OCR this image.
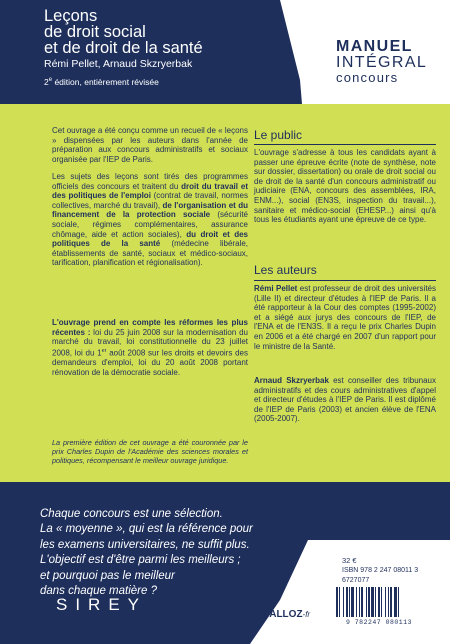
Leçons
de droit social
et de droit de la santé
Rémi Pellet, Arnaud Skzryerbak
2e édition, entièrement révisée
MANUEL
INTÉGRAL
concours

Cet ouvrage a été conçu comme un recueil de « leçons » dispensées par les auteurs dans l'année de préparation aux concours administratifs et sociaux organisée par l'IEP de Paris.

Les sujets des leçons sont tirés des programmes officiels des concours et traitent du droit du travail et des politiques de l'emploi (contrat de travail, normes collectives, marché du travail), de l'organisation et du financement de la protection sociale (sécurité sociale, régimes complémentaires, assurance chômage, aide et action sociales), du droit et des politiques de la santé (médecine libérale, établissements de santé, sociaux et médico-sociaux, tarification, planification et régionalisation).

L'ouvrage prend en compte les réformes les plus récentes : loi du 25 juin 2008 sur la modernisation du marché du travail, loi constitutionnelle du 23 juillet 2008, loi du 1er août 2008 sur les droits et devoirs des demandeurs d'emploi, loi du 20 août 2008 portant rénovation de la démocratie sociale.

La première édition de cet ouvrage a été couronnée par le prix Charles Dupin de l'Académie des sciences morales et politiques, récompensant le meilleur ouvrage juridique.

Le public

L'ouvrage s'adresse à tous les candidats ayant à passer une épreuve écrite (note de synthèse, note sur dossier, dissertation) ou orale de droit social ou de droit de la santé d'un concours administratif ou judiciaire (ENA, concours des assemblées, IRA, ENM...), social (EN3S, inspection du travail...), sanitaire et médico-social (EHESP...) ainsi qu'à tous les étudiants ayant une épreuve de ce type.

Les auteurs

Rémi Pellet est professeur de droit des universités (Lille II) et directeur d'études à l'IEP de Paris. Il a été rapporteur à la Cour des comptes (1995-2002) et a siégé aux jurys des concours de l'IEP, de l'ENA et de l'EN3S. Il a reçu le prix Charles Dupin en 2006 et a été chargé en 2007 d'un rapport pour le ministre de la Santé.

Arnaud Skzryerbak est conseiller des tribunaux administratifs et des cours administratives d'appel et directeur d'études à l'IEP de Paris. Il est diplômé de l'IEP de Paris (2003) et ancien élève de l'ENA (2005-2007).

Chaque concours est une sélection.
La « moyenne », qui est la référence pour
les examens universitaires, ne suffit plus.
L'objectif est d'être parmi les meilleurs ;
et pourquoi pas le meilleur
dans chaque matière ?
SIREY
32 €
ISBN 978 2 247 08011 3
6727077
9 782247 080113
DALLOZ-fr
